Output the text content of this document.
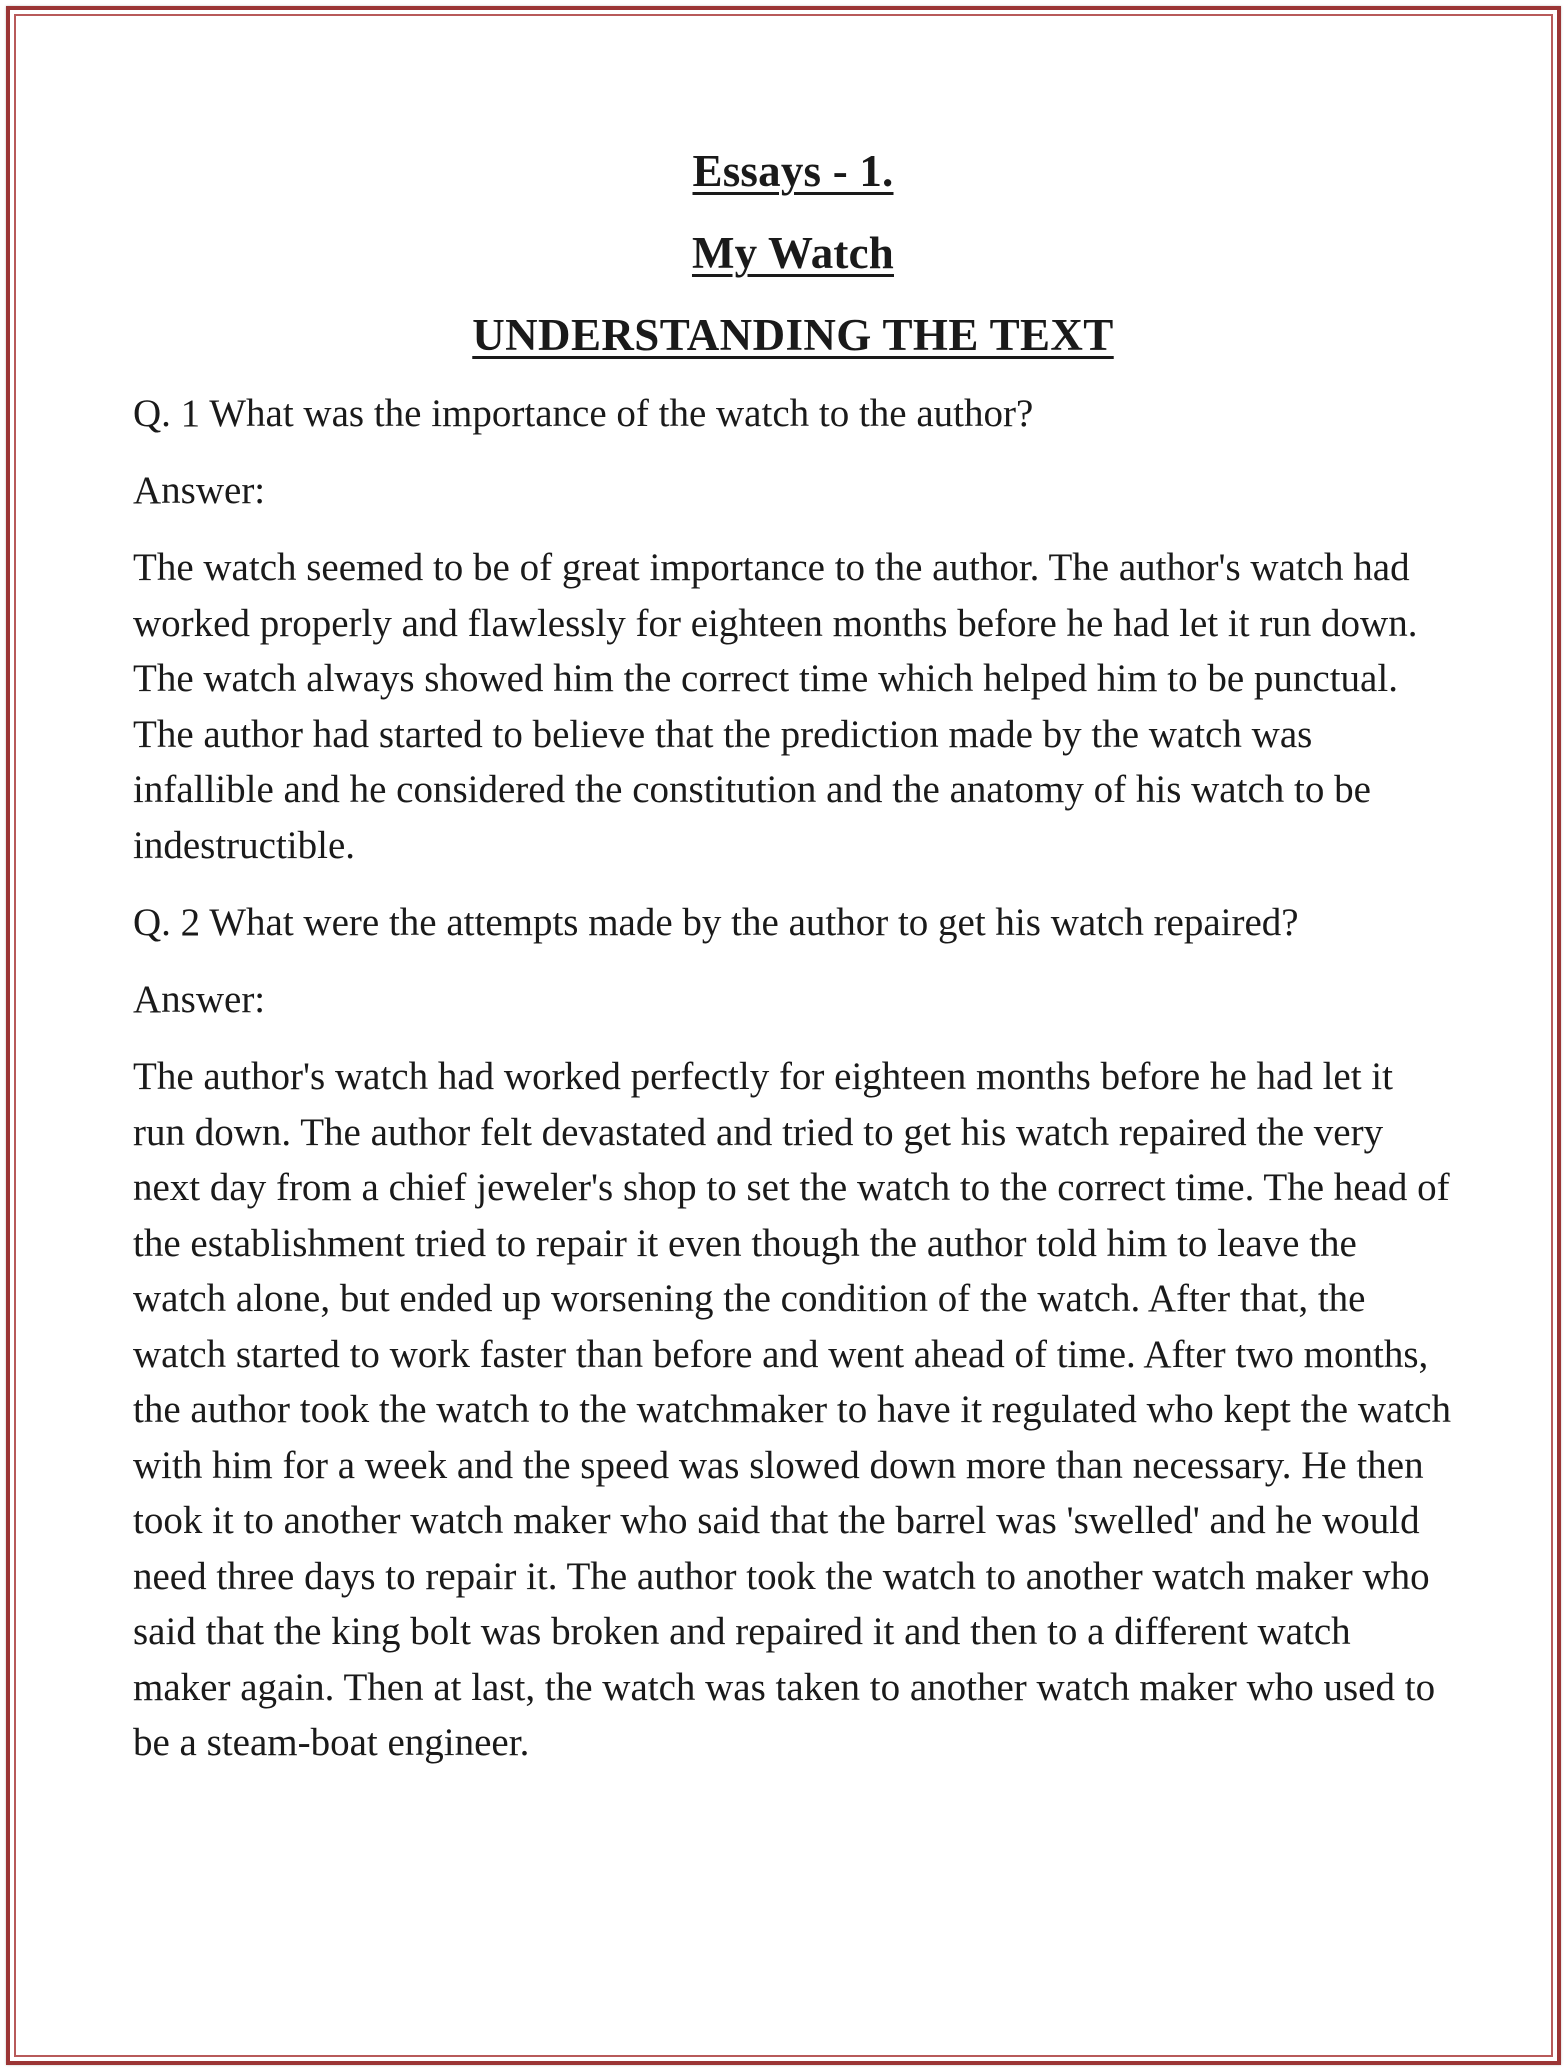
Essays - 1.
My Watch
UNDERSTANDING THE TEXT

Q. 1 What was the importance of the watch to the author?

Answer:

The watch seemed to be of great importance to the author. The author's watch had worked properly and flawlessly for eighteen months before he had let it run down. The watch always showed him the correct time which helped him to be punctual. The author had started to believe that the prediction made by the watch was infallible and he considered the constitution and the anatomy of his watch to be indestructible.

Q. 2 What were the attempts made by the author to get his watch repaired?

Answer:

The author's watch had worked perfectly for eighteen months before he had let it run down. The author felt devastated and tried to get his watch repaired the very next day from a chief jeweler's shop to set the watch to the correct time. The head of the establishment tried to repair it even though the author told him to leave the watch alone, but ended up worsening the condition of the watch. After that, the watch started to work faster than before and went ahead of time. After two months, the author took the watch to the watchmaker to have it regulated who kept the watch with him for a week and the speed was slowed down more than necessary. He then took it to another watch maker who said that the barrel was 'swelled' and he would need three days to repair it. The author took the watch to another watch maker who said that the king bolt was broken and repaired it and then to a different watch maker again. Then at last, the watch was taken to another watch maker who used to be a steam-boat engineer.
